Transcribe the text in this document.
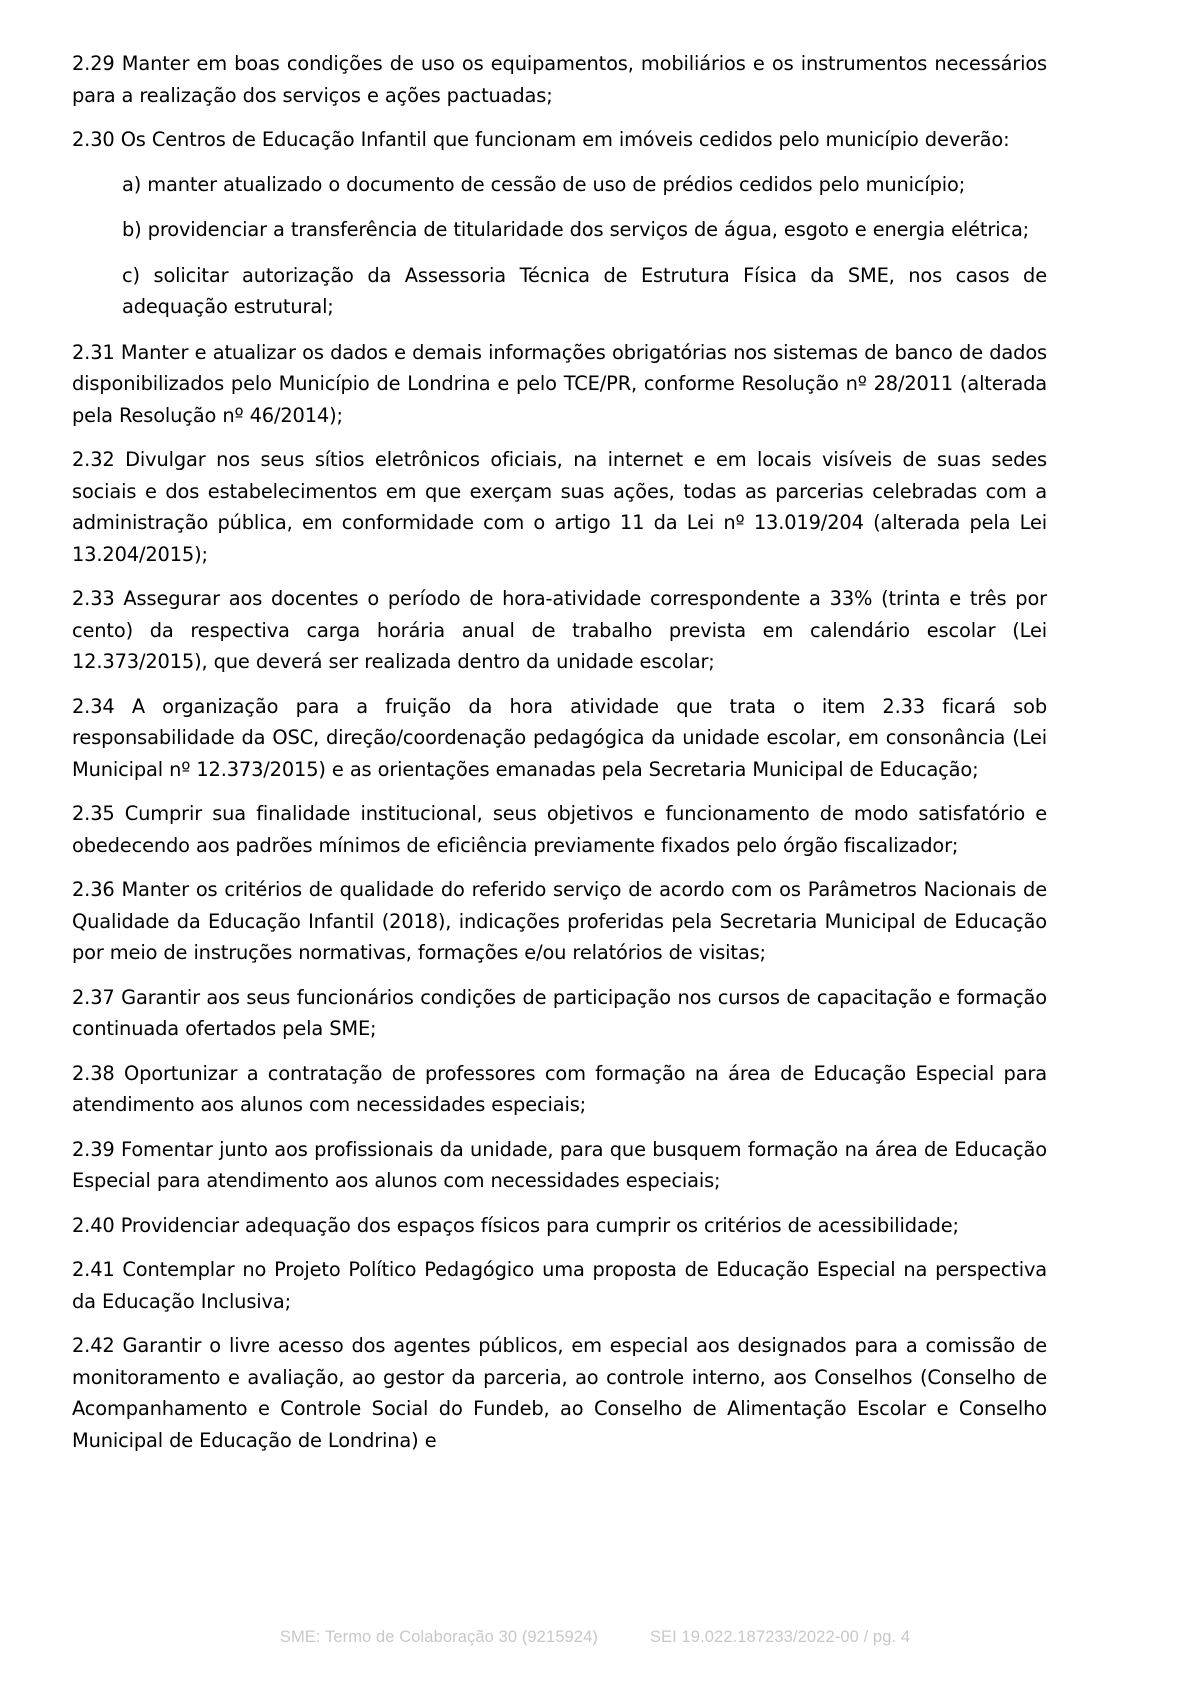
2.29 Manter em boas condições de uso os equipamentos, mobiliários e os instrumentos necessários para a realização dos serviços e ações pactuadas;

2.30 Os Centros de Educação Infantil que funcionam em imóveis cedidos pelo município deverão:

a) manter atualizado o documento de cessão de uso de prédios cedidos pelo município;

b) providenciar a transferência de titularidade dos serviços de água, esgoto e energia elétrica;

c) solicitar autorização da Assessoria Técnica de Estrutura Física da SME, nos casos de adequação estrutural;

2.31 Manter e atualizar os dados e demais informações obrigatórias nos sistemas de banco de dados disponibilizados pelo Município de Londrina e pelo TCE/PR, conforme Resolução nº 28/2011 (alterada pela Resolução nº 46/2014);

2.32 Divulgar nos seus sítios eletrônicos oficiais, na internet e em locais visíveis de suas sedes sociais e dos estabelecimentos em que exerçam suas ações, todas as parcerias celebradas com a administração pública, em conformidade com o artigo 11 da Lei nº 13.019/204 (alterada pela Lei 13.204/2015);

2.33 Assegurar aos docentes o período de hora-atividade correspondente a 33% (trinta e três por cento) da respectiva carga horária anual de trabalho prevista em calendário escolar (Lei 12.373/2015), que deverá ser realizada dentro da unidade escolar;

2.34 A organização para a fruição da hora atividade que trata o item 2.33 ficará sob responsabilidade da OSC, direção/coordenação pedagógica da unidade escolar, em consonância (Lei Municipal nº 12.373/2015) e as orientações emanadas pela Secretaria Municipal de Educação;

2.35 Cumprir sua finalidade institucional, seus objetivos e funcionamento de modo satisfatório e obedecendo aos padrões mínimos de eficiência previamente fixados pelo órgão fiscalizador;

2.36 Manter os critérios de qualidade do referido serviço de acordo com os Parâmetros Nacionais de Qualidade da Educação Infantil (2018), indicações proferidas pela Secretaria Municipal de Educação por meio de instruções normativas, formações e/ou relatórios de visitas;

2.37 Garantir aos seus funcionários condições de participação nos cursos de capacitação e formação continuada ofertados pela SME;

2.38 Oportunizar a contratação de professores com formação na área de Educação Especial para atendimento aos alunos com necessidades especiais;

2.39 Fomentar junto aos profissionais da unidade, para que busquem formação na área de Educação Especial para atendimento aos alunos com necessidades especiais;

2.40 Providenciar adequação dos espaços físicos para cumprir os critérios de acessibilidade;

2.41 Contemplar no Projeto Político Pedagógico uma proposta de Educação Especial na perspectiva da Educação Inclusiva;

2.42 Garantir o livre acesso dos agentes públicos, em especial aos designados para a comissão de monitoramento e avaliação, ao gestor da parceria, ao controle interno, aos Conselhos (Conselho de Acompanhamento e Controle Social do Fundeb, ao Conselho de Alimentação Escolar e Conselho Municipal de Educação de Londrina) e

SME: Termo de Colaboração 30 (9215924)	SEI 19.022.187233/2022-00 / pg. 4
